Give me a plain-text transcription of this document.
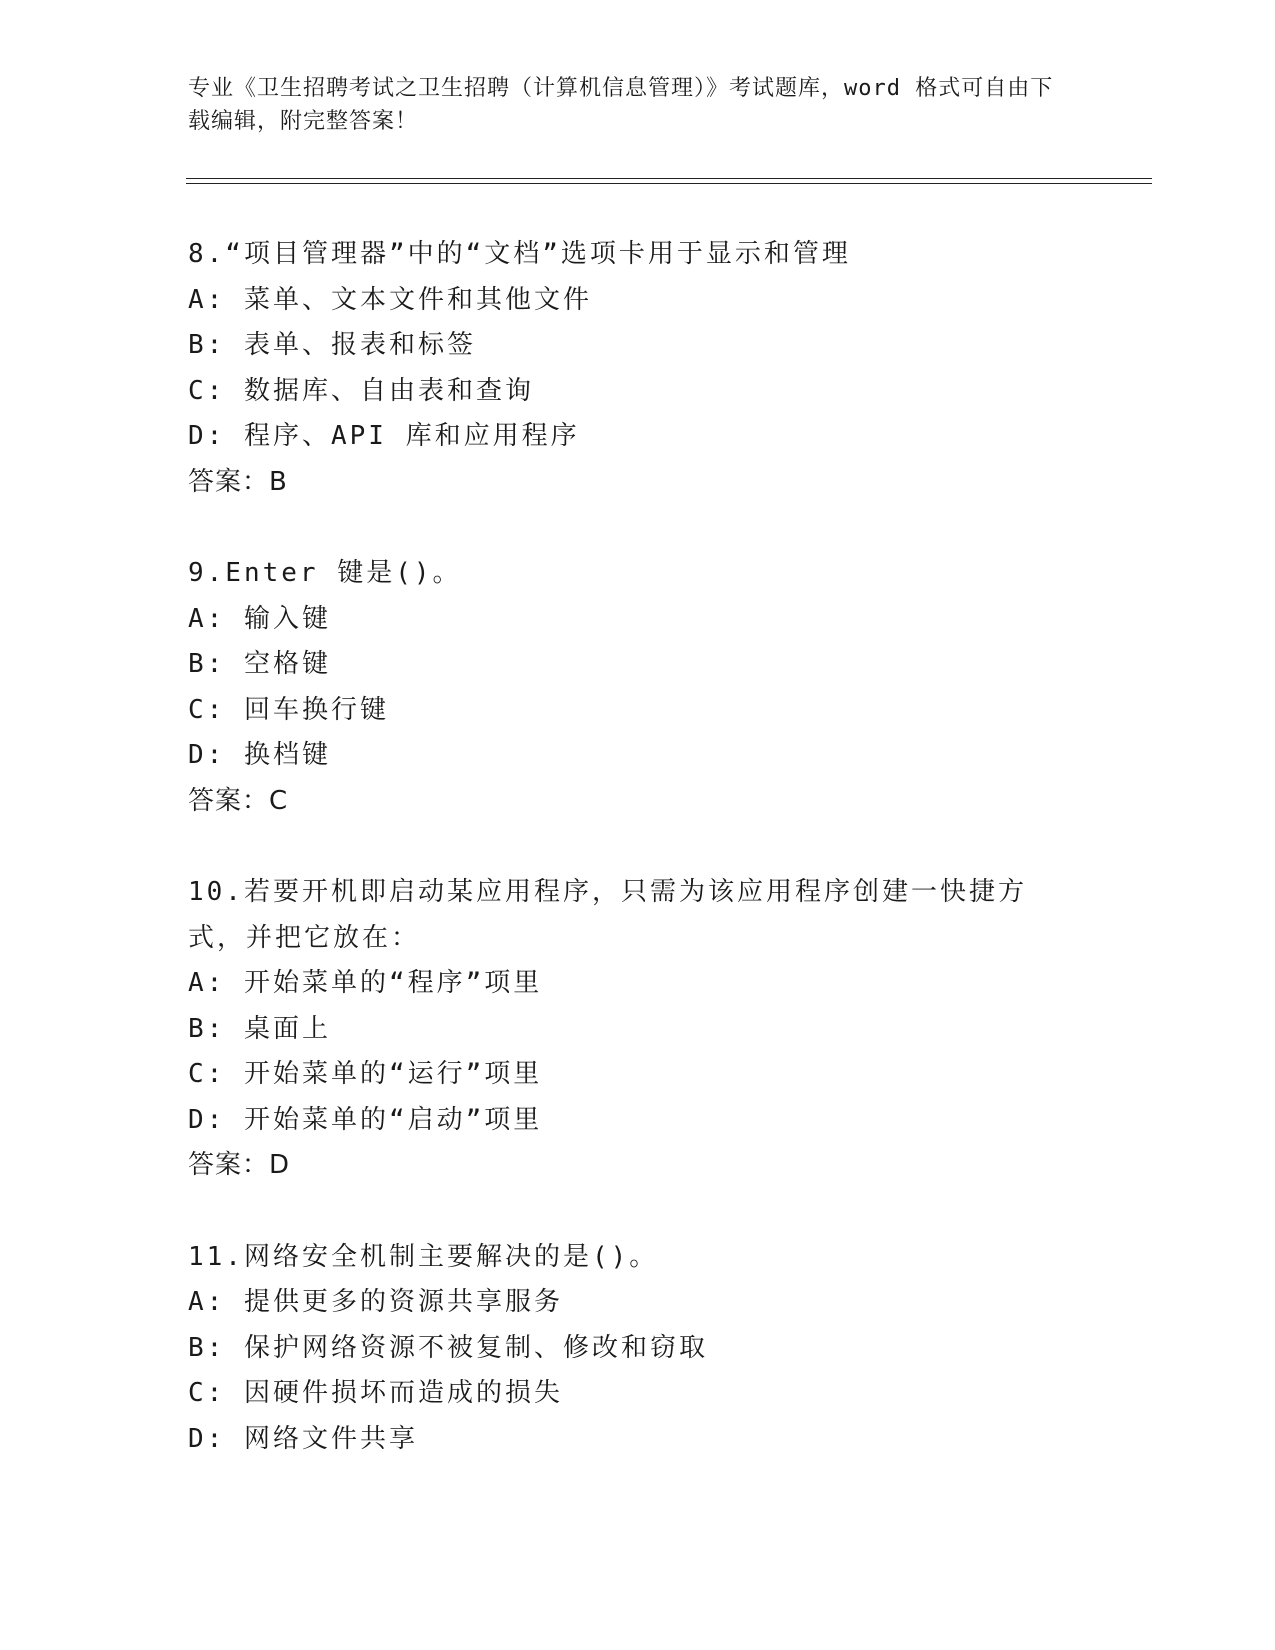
专业《卫生招聘考试之卫生招聘（计算机信息管理）》考试题库，word 格式可自由下载编辑，附完整答案！
8.“项目管理器”中的“文档”选项卡用于显示和管理
A: 菜单、文本文件和其他文件
B: 表单、报表和标签
C: 数据库、自由表和查询
D: 程序、API 库和应用程序
答案：B
9.Enter 键是()。
A: 输入键
B: 空格键
C: 回车换行键
D: 换档键
答案：C
10.若要开机即启动某应用程序，只需为该应用程序创建一快捷方式，并把它放在：
A: 开始菜单的“程序”项里
B: 桌面上
C: 开始菜单的“运行”项里
D: 开始菜单的“启动”项里
答案：D
11.网络安全机制主要解决的是()。
A: 提供更多的资源共享服务
B: 保护网络资源不被复制、修改和窃取
C: 因硬件损坏而造成的损失
D: 网络文件共享
